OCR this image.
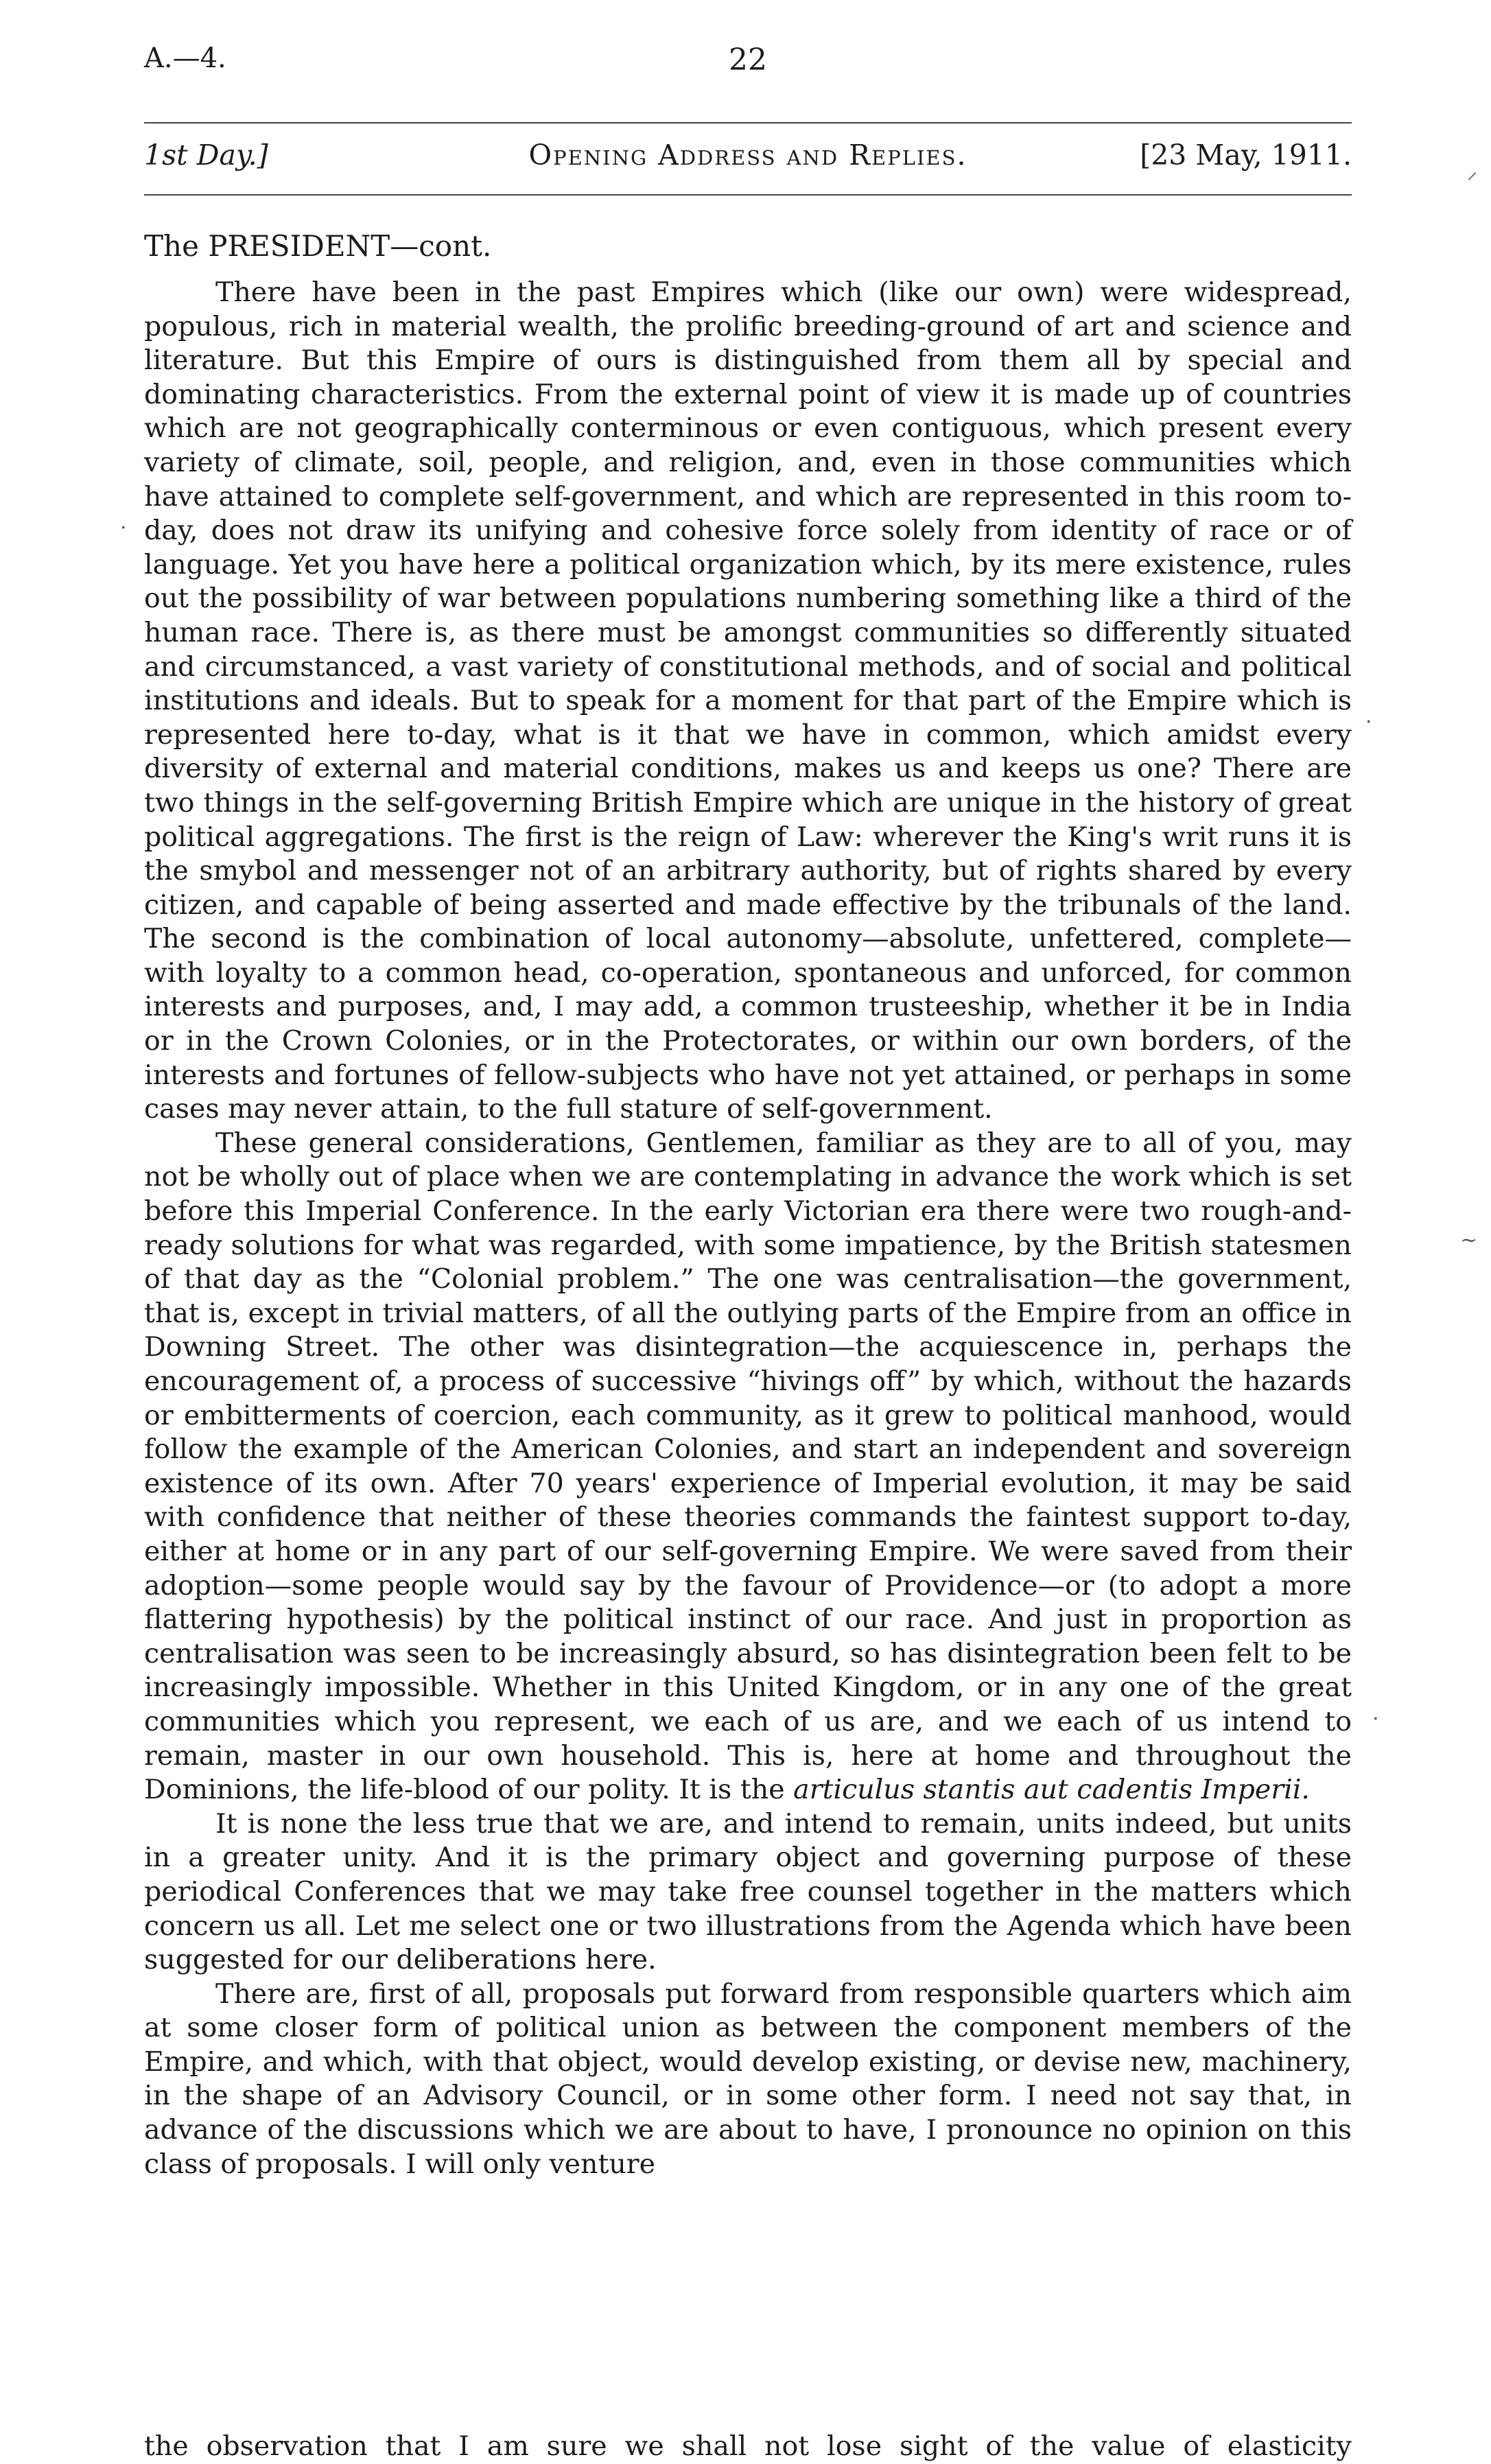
A.—4.	22
1st Day.]	Opening Address and Replies.	[23 May, 1911.
The PRESIDENT—cont.

There have been in the past Empires which (like our own) were widespread, populous, rich in material wealth, the prolific breeding-ground of art and science and literature. But this Empire of ours is distinguished from them all by special and dominating characteristics. From the external point of view it is made up of countries which are not geographically conterminous or even contiguous, which present every variety of climate, soil, people, and religion, and, even in those communities which have attained to complete self-government, and which are represented in this room to-day, does not draw its unifying and cohesive force solely from identity of race or of language. Yet you have here a political organization which, by its mere existence, rules out the possibility of war between populations numbering something like a third of the human race. There is, as there must be amongst communities so differently situated and circumstanced, a vast variety of constitutional methods, and of social and political institutions and ideals. But to speak for a moment for that part of the Empire which is represented here to-day, what is it that we have in common, which amidst every diversity of external and material conditions, makes us and keeps us one? There are two things in the self-governing British Empire which are unique in the history of great political aggregations. The first is the reign of Law: wherever the King's writ runs it is the smybol and messenger not of an arbitrary authority, but of rights shared by every citizen, and capable of being asserted and made effective by the tribunals of the land. The second is the combination of local autonomy—absolute, unfettered, complete—with loyalty to a common head, co-operation, spontaneous and unforced, for common interests and purposes, and, I may add, a common trusteeship, whether it be in India or in the Crown Colonies, or in the Protectorates, or within our own borders, of the interests and fortunes of fellow-subjects who have not yet attained, or perhaps in some cases may never attain, to the full stature of self-government.

These general considerations, Gentlemen, familiar as they are to all of you, may not be wholly out of place when we are contemplating in advance the work which is set before this Imperial Conference. In the early Victorian era there were two rough-and-ready solutions for what was regarded, with some impatience, by the British statesmen of that day as the “Colonial problem.” The one was centralisation—the government, that is, except in trivial matters, of all the outlying parts of the Empire from an office in Downing Street. The other was disintegration—the acquiescence in, perhaps the encouragement of, a process of successive “hivings off” by which, without the hazards or embitterments of coercion, each community, as it grew to political manhood, would follow the example of the American Colonies, and start an independent and sovereign existence of its own. After 70 years' experience of Imperial evolution, it may be said with confidence that neither of these theories commands the faintest support to-day, either at home or in any part of our self-governing Empire. We were saved from their adoption—some people would say by the favour of Providence—or (to adopt a more flattering hypothesis) by the political instinct of our race. And just in proportion as centralisation was seen to be increasingly absurd, so has disintegration been felt to be increasingly impossible. Whether in this United Kingdom, or in any one of the great communities which you represent, we each of us are, and we each of us intend to remain, master in our own household. This is, here at home and throughout the Dominions, the life-blood of our polity. It is the articulus stantis aut cadentis Imperii.

It is none the less true that we are, and intend to remain, units indeed, but units in a greater unity. And it is the primary object and governing purpose of these periodical Conferences that we may take free counsel together in the matters which concern us all. Let me select one or two illustrations from the Agenda which have been suggested for our deliberations here.

There are, first of all, proposals put forward from responsible quarters which aim at some closer form of political union as between the component members of the Empire, and which, with that object, would develop existing, or devise new, machinery, in the shape of an Advisory Council, or in some other form. I need not say that, in advance of the discussions which we are about to have, I pronounce no opinion on this class of proposals. I will only venture

the observation that I am sure we shall not lose sight of the value of elasticity
⸝
·
·
~
·
